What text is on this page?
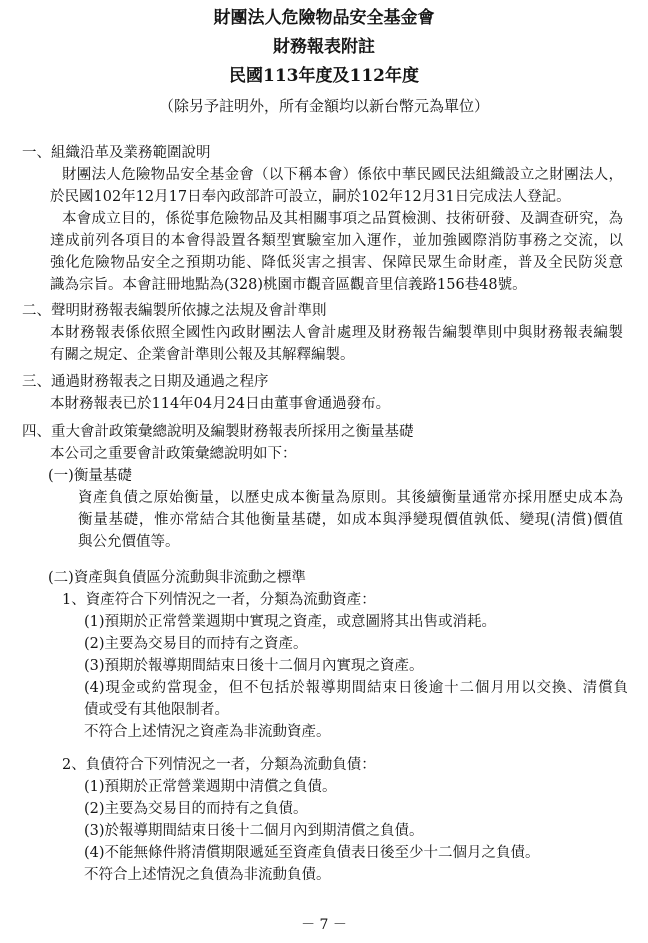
財團法人危險物品安全基金會
財務報表附註
民國113年度及112年度
（除另予註明外，所有金額均以新台幣元為單位）
一、組織沿革及業務範圍說明
財團法人危險物品安全基金會（以下稱本會）係依中華民國民法組織設立之財團法人，
於民國102年12月17日奉內政部許可設立，嗣於102年12月31日完成法人登記。
本會成立目的，係從事危險物品及其相關事項之品質檢測、技術研發、及調查研究，為
達成前列各項目的本會得設置各類型實驗室加入運作，並加強國際消防事務之交流，以
強化危險物品安全之預期功能、降低災害之損害、保障民眾生命財產，普及全民防災意
識為宗旨。本會註冊地點為(328)桃園市觀音區觀音里信義路156巷48號。
二、聲明財務報表編製所依據之法規及會計準則
本財務報表係依照全國性內政財團法人會計處理及財務報告編製準則中與財務報表編製
有關之規定、企業會計準則公報及其解釋編製。
三、通過財務報表之日期及通過之程序
本財務報表已於114年04月24日由董事會通過發布。
四、重大會計政策彙總說明及編製財務報表所採用之衡量基礎
本公司之重要會計政策彙總說明如下：
(一)衡量基礎
資產負債之原始衡量，以歷史成本衡量為原則。其後續衡量通常亦採用歷史成本為
衡量基礎，惟亦常結合其他衡量基礎，如成本與淨變現價值孰低、變現(清償)價值
與公允價值等。
(二)資產與負債區分流動與非流動之標準
1、資產符合下列情況之一者，分類為流動資產：
(1)預期於正常營業週期中實現之資產，或意圖將其出售或消耗。
(2)主要為交易目的而持有之資產。
(3)預期於報導期間結束日後十二個月內實現之資產。
(4)現金或約當現金，但不包括於報導期間結束日後逾十二個月用以交換、清償負
債或受有其他限制者。
不符合上述情況之資產為非流動資產。
2、負債符合下列情況之一者，分類為流動負債：
(1)預期於正常營業週期中清償之負債。
(2)主要為交易目的而持有之負債。
(3)於報導期間結束日後十二個月內到期清償之負債。
(4)不能無條件將清償期限遞延至資產負債表日後至少十二個月之負債。
不符合上述情況之負債為非流動負債。
－ 7 －
